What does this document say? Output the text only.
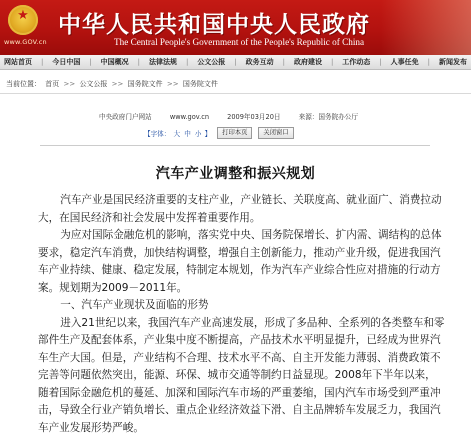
★
www.GOV.cn
中华人民共和国中央人民政府
The Central People's Government of the People's Republic of China
网站首页 | 今日中国 | 中国概况 | 法律法规 | 公文公报 | 政务互动 | 政府建设 | 工作动态 | 人事任免 | 新闻发布
当前位置： 首页 >> 公文公报 >> 国务院文件 >> 国务院文件
中央政府门户网站	www.gov.cn	2009年03月20日	来源：国务院办公厅
【字体： 大 中 小 】	打印本页	关闭窗口
汽车产业调整和振兴规划

汽车产业是国民经济重要的支柱产业，产业链长、关联度高、就业面广、消费拉动大，在国民经济和社会发展中发挥着重要作用。

为应对国际金融危机的影响，落实党中央、国务院保增长、扩内需、调结构的总体要求，稳定汽车消费，加快结构调整，增强自主创新能力，推动产业升级，促进我国汽车产业持续、健康、稳定发展，特制定本规划，作为汽车产业综合性应对措施的行动方案。规划期为2009－2011年。

一、汽车产业现状及面临的形势

进入21世纪以来，我国汽车产业高速发展，形成了多品种、全系列的各类整车和零部件生产及配套体系，产业集中度不断提高，产品技术水平明显提升，已经成为世界汽车生产大国。但是，产业结构不合理、技术水平不高、自主开发能力薄弱、消费政策不完善等问题依然突出，能源、环保、城市交通等制约日益显现。2008年下半年以来，随着国际金融危机的蔓延、加深和国际汽车市场的严重萎缩，国内汽车市场受到严重冲击，导致全行业产销负增长、重点企业经济效益下滑、自主品牌轿车发展乏力，我国汽车产业发展形势严峻。
